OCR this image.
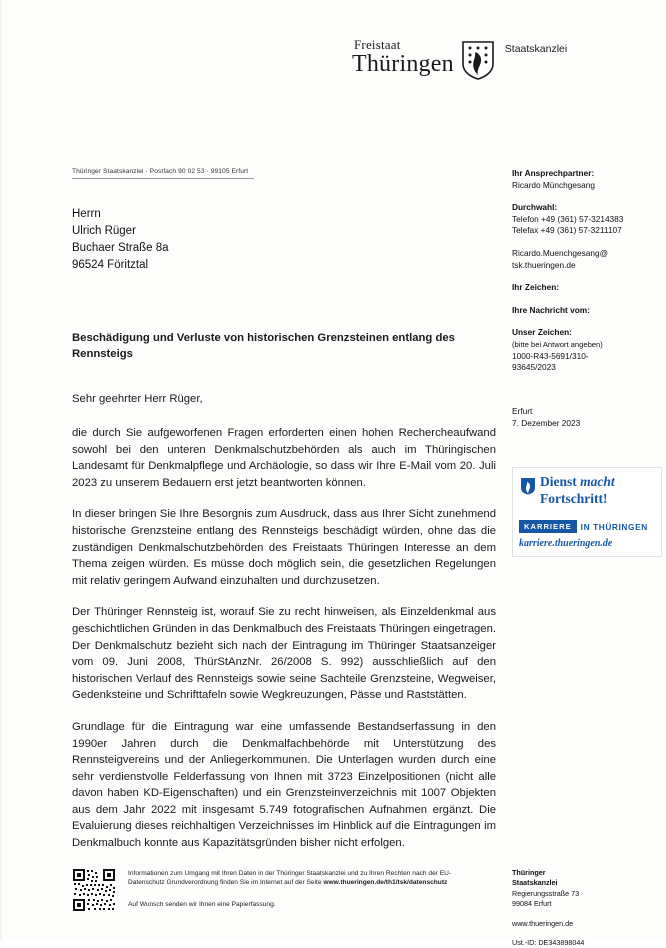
Freistaat
Thüringen
Staatskanzlei
Thüringer Staatskanzlei · Postfach 90 02 53 · 99105 Erfurt
Herrn
Ulrich Rüger
Buchaer Straße 8a
96524 Föritztal
Ihr Ansprechpartner:
Ricardo Münchgesang
Durchwahl:
Telefon +49 (361) 57-3214383
Telefax +49 (361) 57-3211107
Ricardo.Muenchgesang@
tsk.thueringen.de
Ihr Zeichen:
Ihre Nachricht vom:
Unser Zeichen:
(bitte bei Antwort angeben)
1000-R43-5691/310-
93645/2023
Erfurt
7. Dezember 2023
Dienst macht
Fortschritt!
KARRIERE	IN THÜRINGEN
karriere.thueringen.de
Beschädigung und Verluste von historischen Grenzsteinen entlang des Rennsteigs
Sehr geehrter Herr Rüger,

die durch Sie aufgeworfenen Fragen erforderten einen hohen Rechercheaufwand sowohl bei den unteren Denkmalschutzbehörden als auch im Thüringischen Landesamt für Denkmalpflege und Archäologie, so dass wir Ihre E-Mail vom 20. Juli 2023 zu unserem Bedauern erst jetzt beantworten können.

In dieser bringen Sie Ihre Besorgnis zum Ausdruck, dass aus Ihrer Sicht zunehmend historische Grenzsteine entlang des Rennsteigs beschädigt würden, ohne das die zuständigen Denkmalschutzbehörden des Freistaats Thüringen Interesse an dem Thema zeigen würden. Es müsse doch möglich sein, die gesetzlichen Regelungen mit relativ geringem Aufwand einzuhalten und durchzusetzen.

Der Thüringer Rennsteig ist, worauf Sie zu recht hinweisen, als Einzeldenkmal aus geschichtlichen Gründen in das Denkmalbuch des Freistaats Thüringen eingetragen. Der Denkmalschutz bezieht sich nach der Eintragung im Thüringer Staatsanzeiger vom 09. Juni 2008, ThürStAnzNr. 26/2008 S. 992) ausschließlich auf den historischen Verlauf des Rennsteigs sowie seine Sachteile Grenzsteine, Wegweiser, Gedenksteine und Schrifttafeln sowie Wegkreuzungen, Pässe und Raststätten.

Grundlage für die Eintragung war eine umfassende Bestandserfassung in den 1990er Jahren durch die Denkmalfachbehörde mit Unterstützung des Rennsteigvereins und der Anliegerkommunen. Die Unterlagen wurden durch eine sehr verdienstvolle Felderfassung von Ihnen mit 3723 Einzelpositionen (nicht alle davon haben KD-Eigenschaften) und ein Grenzsteinverzeichnis mit 1007 Objekten aus dem Jahr 2022 mit insgesamt 5.749 fotografischen Aufnahmen ergänzt. Die Evaluierung dieses reichhaltigen Verzeichnisses im Hinblick auf die Eintragungen im Denkmalbuch konnte aus Kapazitätsgründen bisher nicht erfolgen.

Informationen zum Umgang mit Ihren Daten in der Thüringer Staatskanzlei und zu Ihren Rechten nach der EU-Datenschutz Grundverordnung finden Sie im Internet auf der Seite www.thueringen.de/th1/tsk/datenschutz
Auf Wunsch senden wir Ihnen eine Papierfassung.
Thüringer
Staatskanzlei
Regierungsstraße 73
99084 Erfurt
www.thueringen.de
Ust.-ID: DE343898044
